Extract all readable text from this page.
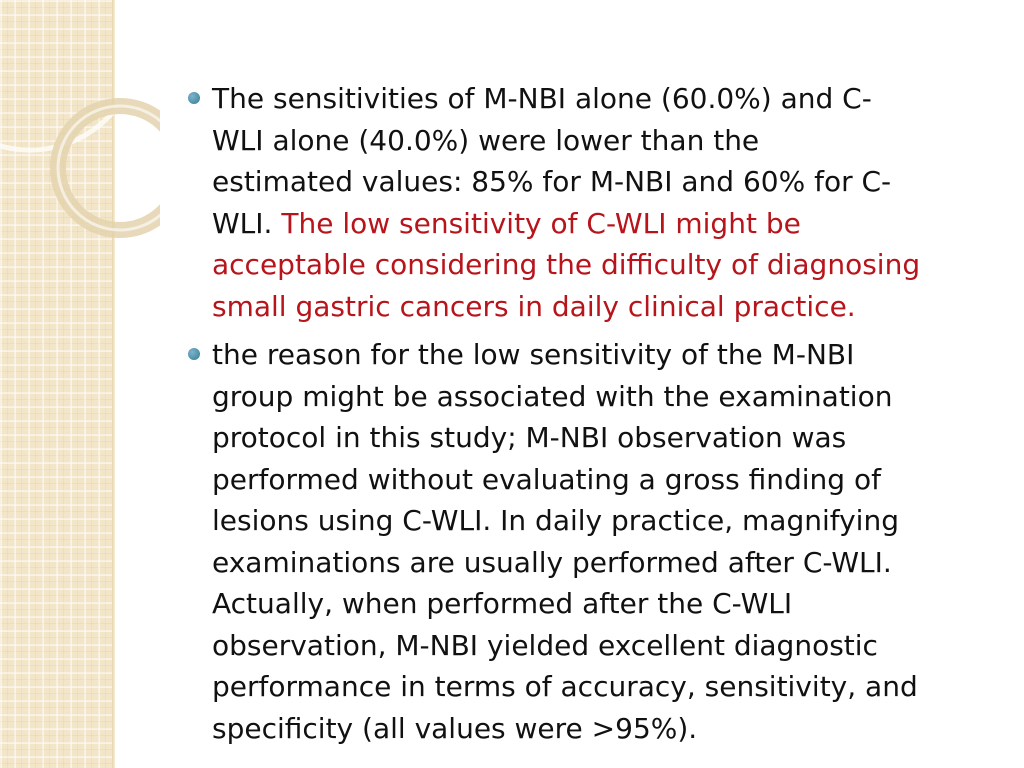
The sensitivities of M-NBI alone (60.0%) and C-
WLI alone (40.0%) were lower than the
estimated values: 85% for M-NBI and 60% for C-
WLI. The low sensitivity of C-WLI might be
acceptable considering the difficulty of diagnosing
small gastric cancers in daily clinical practice.
the reason for the low sensitivity of the M-NBI
group might be associated with the examination
protocol in this study; M-NBI observation was
performed without evaluating a gross finding of
lesions using C-WLI. In daily practice, magnifying
examinations are usually performed after C-WLI.
Actually, when performed after the C-WLI
observation, M-NBI yielded excellent diagnostic
performance in terms of accuracy, sensitivity, and
specificity (all values were >95%).
